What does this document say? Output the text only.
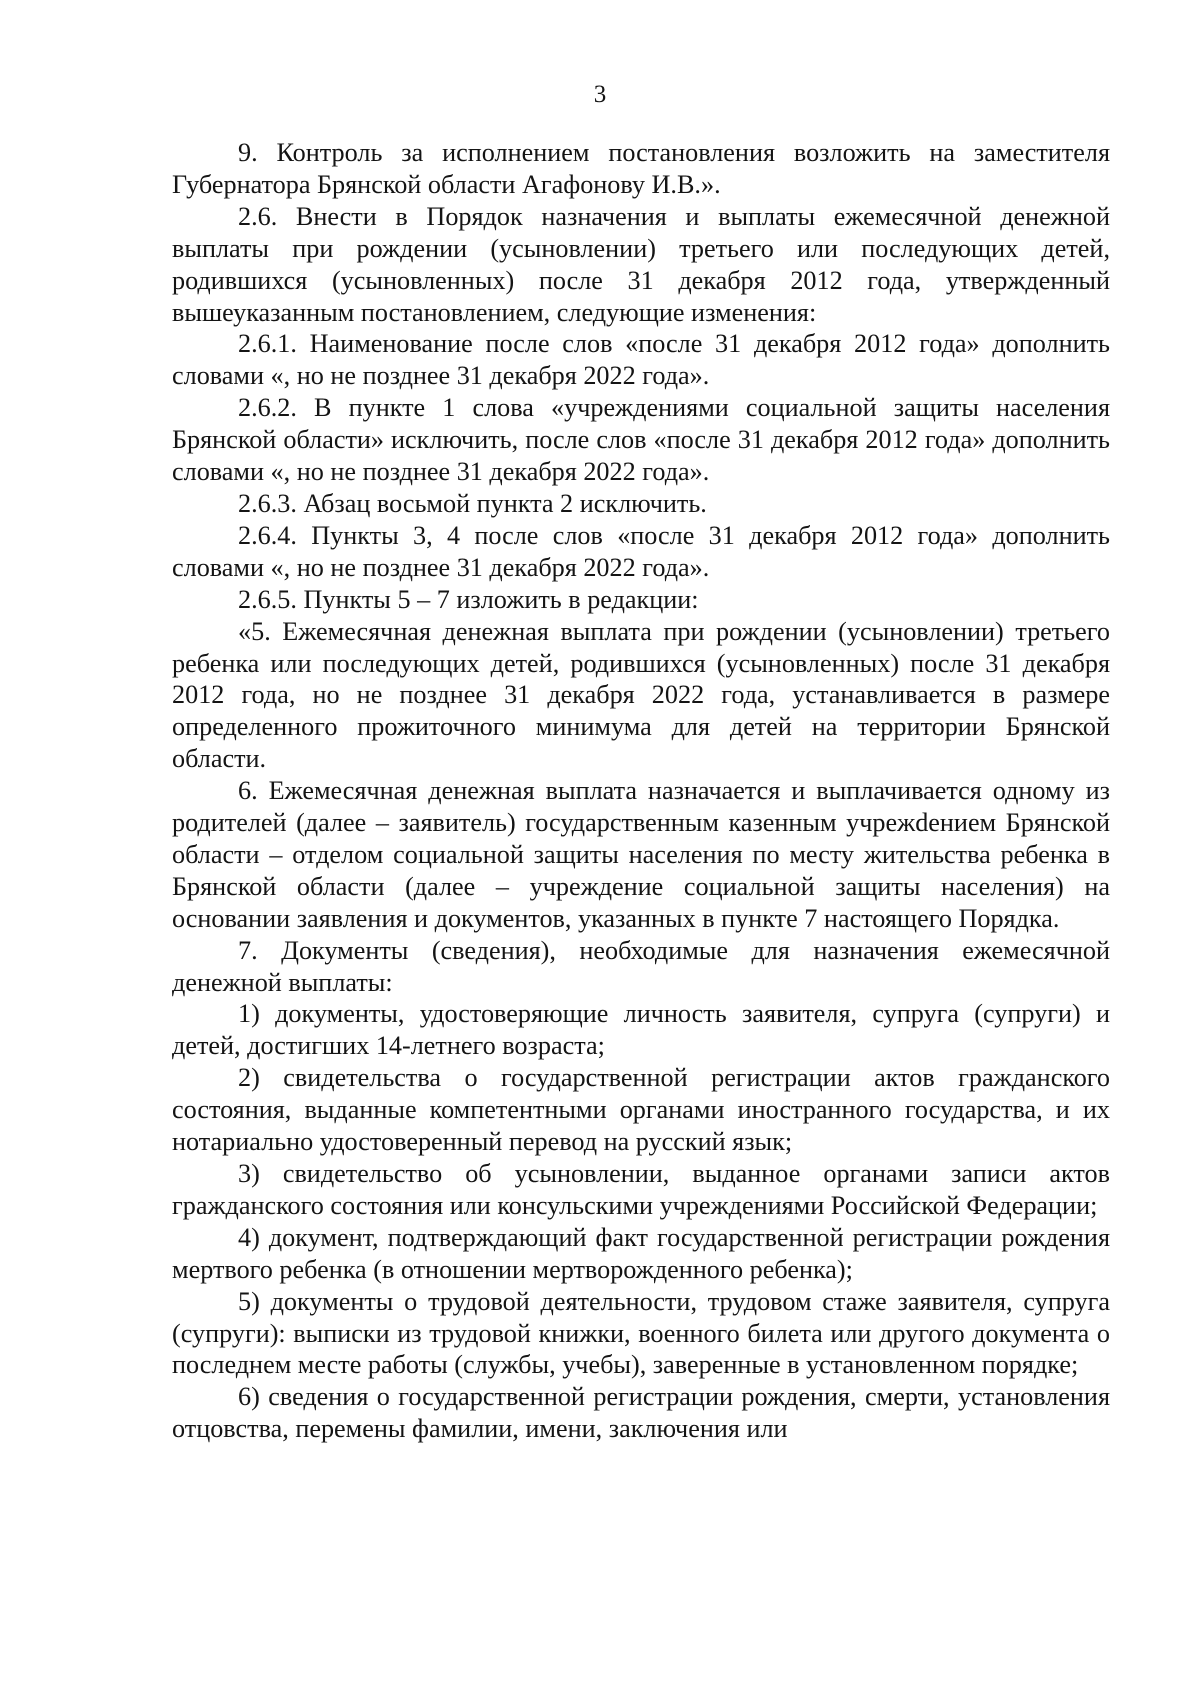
3

9. Контроль за исполнением постановления возложить на заместителя Губернатора Брянской области Агафонову И.В.».

2.6. Внести в Порядок назначения и выплаты ежемесячной денежной выплаты при рождении (усыновлении) третьего или последующих детей, родившихся (усыновленных) после 31 декабря 2012 года, утвержденный вышеуказанным постановлением, следующие изменения:

2.6.1. Наименование после слов «после 31 декабря 2012 года» дополнить словами «, но не позднее 31 декабря 2022 года».

2.6.2. В пункте 1 слова «учреждениями социальной защиты населения Брянской области» исключить, после слов «после 31 декабря 2012 года» дополнить словами «, но не позднее 31 декабря 2022 года».

2.6.3. Абзац восьмой пункта 2 исключить.

2.6.4. Пункты 3, 4 после слов «после 31 декабря 2012 года» дополнить словами «, но не позднее 31 декабря 2022 года».

2.6.5. Пункты 5 – 7 изложить в редакции:

«5. Ежемесячная денежная выплата при рождении (усыновлении) третьего ребенка или последующих детей, родившихся (усыновленных) после 31 декабря 2012 года, но не позднее 31 декабря 2022 года, устанавливается в размере определенного прожиточного минимума для детей на территории Брянской области.

6. Ежемесячная денежная выплата назначается и выплачивается одному из родителей (далее – заявитель) государственным казенным учрежdением Брянской области – отделом социальной защиты населения по месту жительства ребенка в Брянской области (далее – учреждение социальной защиты населения) на основании заявления и документов, указанных в пункте 7 настоящего Порядка.

7. Документы (сведения), необходимые для назначения ежемесячной денежной выплаты:

1) документы, удостоверяющие личность заявителя, супруга (супруги) и детей, достигших 14-летнего возраста;

2) свидетельства о государственной регистрации актов гражданского состояния, выданные компетентными органами иностранного государства, и их нотариально удостоверенный перевод на русский язык;

3) свидетельство об усыновлении, выданное органами записи актов гражданского состояния или консульскими учреждениями Российской Федерации;

4) документ, подтверждающий факт государственной регистрации рождения мертвого ребенка (в отношении мертворожденного ребенка);

5) документы о трудовой деятельности, трудовом стаже заявителя, супруга (супруги): выписки из трудовой книжки, военного билета или другого документа о последнем месте работы (службы, учебы), заверенные в установленном порядке;

6) сведения о государственной регистрации рождения, смерти, установления отцовства, перемены фамилии, имени, заключения или
